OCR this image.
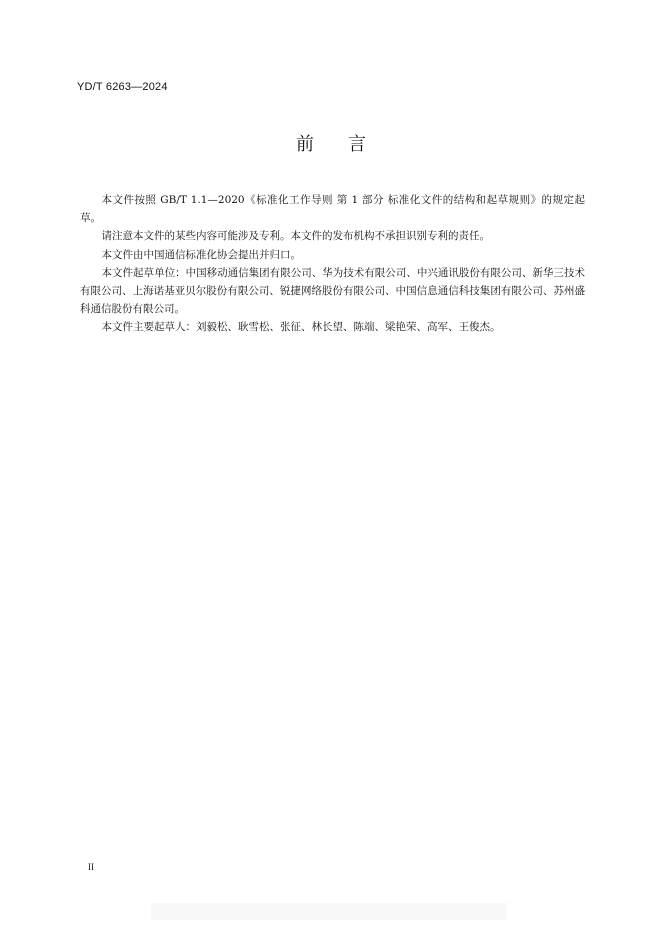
YD/T 6263—2024
前 言

本文件按照 GB/T 1.1—2020《标准化工作导则 第 1 部分 标准化文件的结构和起草规则》的规定起草。

请注意本文件的某些内容可能涉及专利。本文件的发布机构不承担识别专利的责任。

本文件由中国通信标准化协会提出并归口。

本文件起草单位：中国移动通信集团有限公司、华为技术有限公司、中兴通讯股份有限公司、新华三技术有限公司、上海诺基亚贝尔股份有限公司、锐捷网络股份有限公司、中国信息通信科技集团有限公司、苏州盛科通信股份有限公司。

本文件主要起草人：刘毅松、耿雪松、张征、林长望、陈端、梁艳荣、高军、王俊杰。

II
